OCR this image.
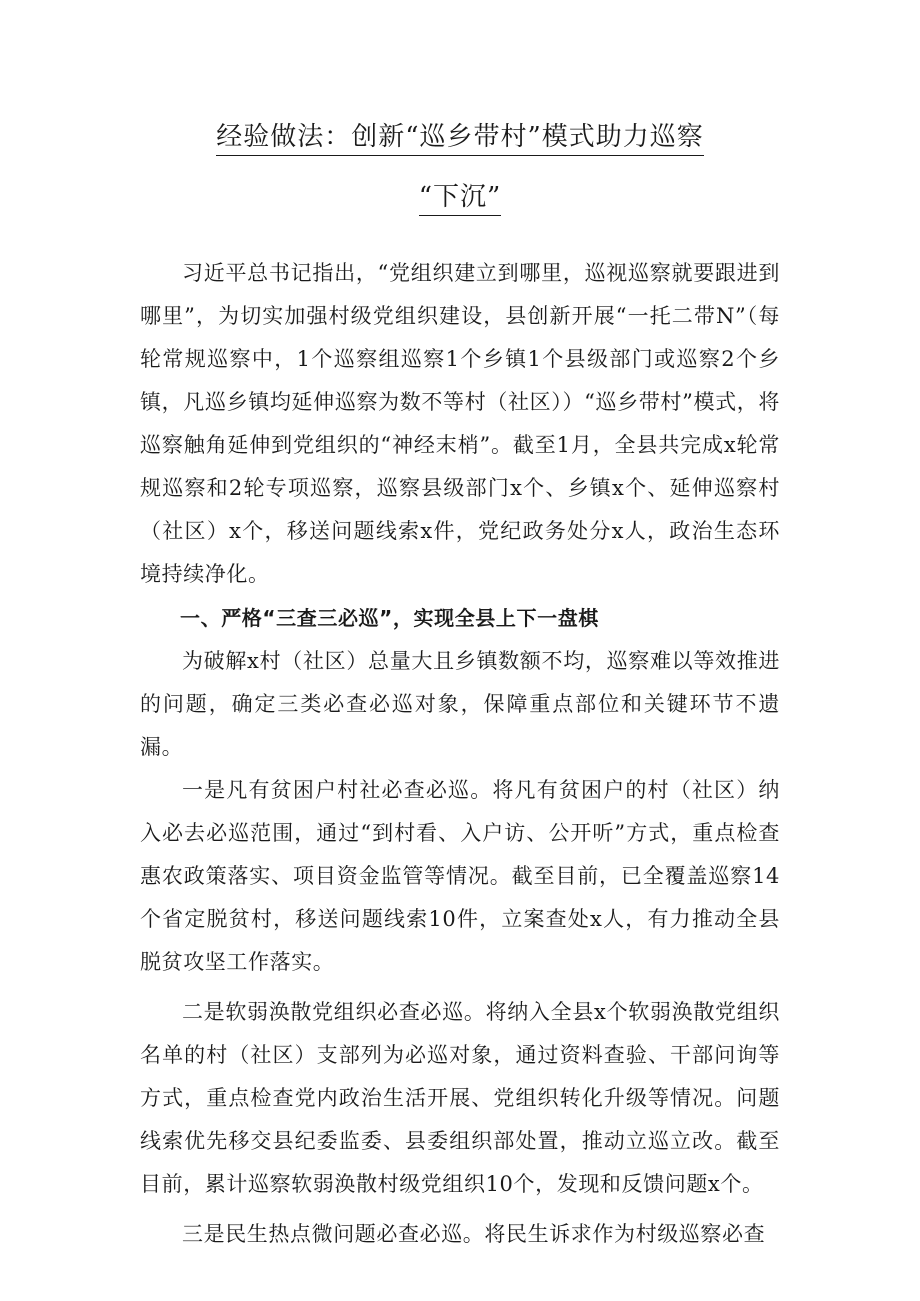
经验做法：创新“巡乡带村”模式助力巡察
“下沉”

习近平总书记指出，“党组织建立到哪里，巡视巡察就要跟进到哪里”，为切实加强村级党组织建设，县创新开展“一托二带N”（每轮常规巡察中，1个巡察组巡察1个乡镇1个县级部门或巡察2个乡镇，凡巡乡镇均延伸巡察为数不等村（社区））“巡乡带村”模式，将巡察触角延伸到党组织的“神经末梢”。截至1月，全县共完成x轮常规巡察和2轮专项巡察，巡察县级部门x个、乡镇x个、延伸巡察村（社区）x个，移送问题线索x件，党纪政务处分x人，政治生态环境持续净化。

一、严格“三查三必巡”，实现全县上下一盘棋

为破解x村（社区）总量大且乡镇数额不均，巡察难以等效推进的问题，确定三类必查必巡对象，保障重点部位和关键环节不遗漏。

一是凡有贫困户村社必查必巡。将凡有贫困户的村（社区）纳入必去必巡范围，通过“到村看、入户访、公开听”方式，重点检查惠农政策落实、项目资金监管等情况。截至目前，已全覆盖巡察14个省定脱贫村，移送问题线索10件，立案查处x人，有力推动全县脱贫攻坚工作落实。

二是软弱涣散党组织必查必巡。将纳入全县x个软弱涣散党组织名单的村（社区）支部列为必巡对象，通过资料查验、干部问询等方式，重点检查党内政治生活开展、党组织转化升级等情况。问题线索优先移交县纪委监委、县委组织部处置，推动立巡立改。截至目前，累计巡察软弱涣散村级党组织10个，发现和反馈问题x个。

三是民生热点微问题必查必巡。将民生诉求作为村级巡察必查
